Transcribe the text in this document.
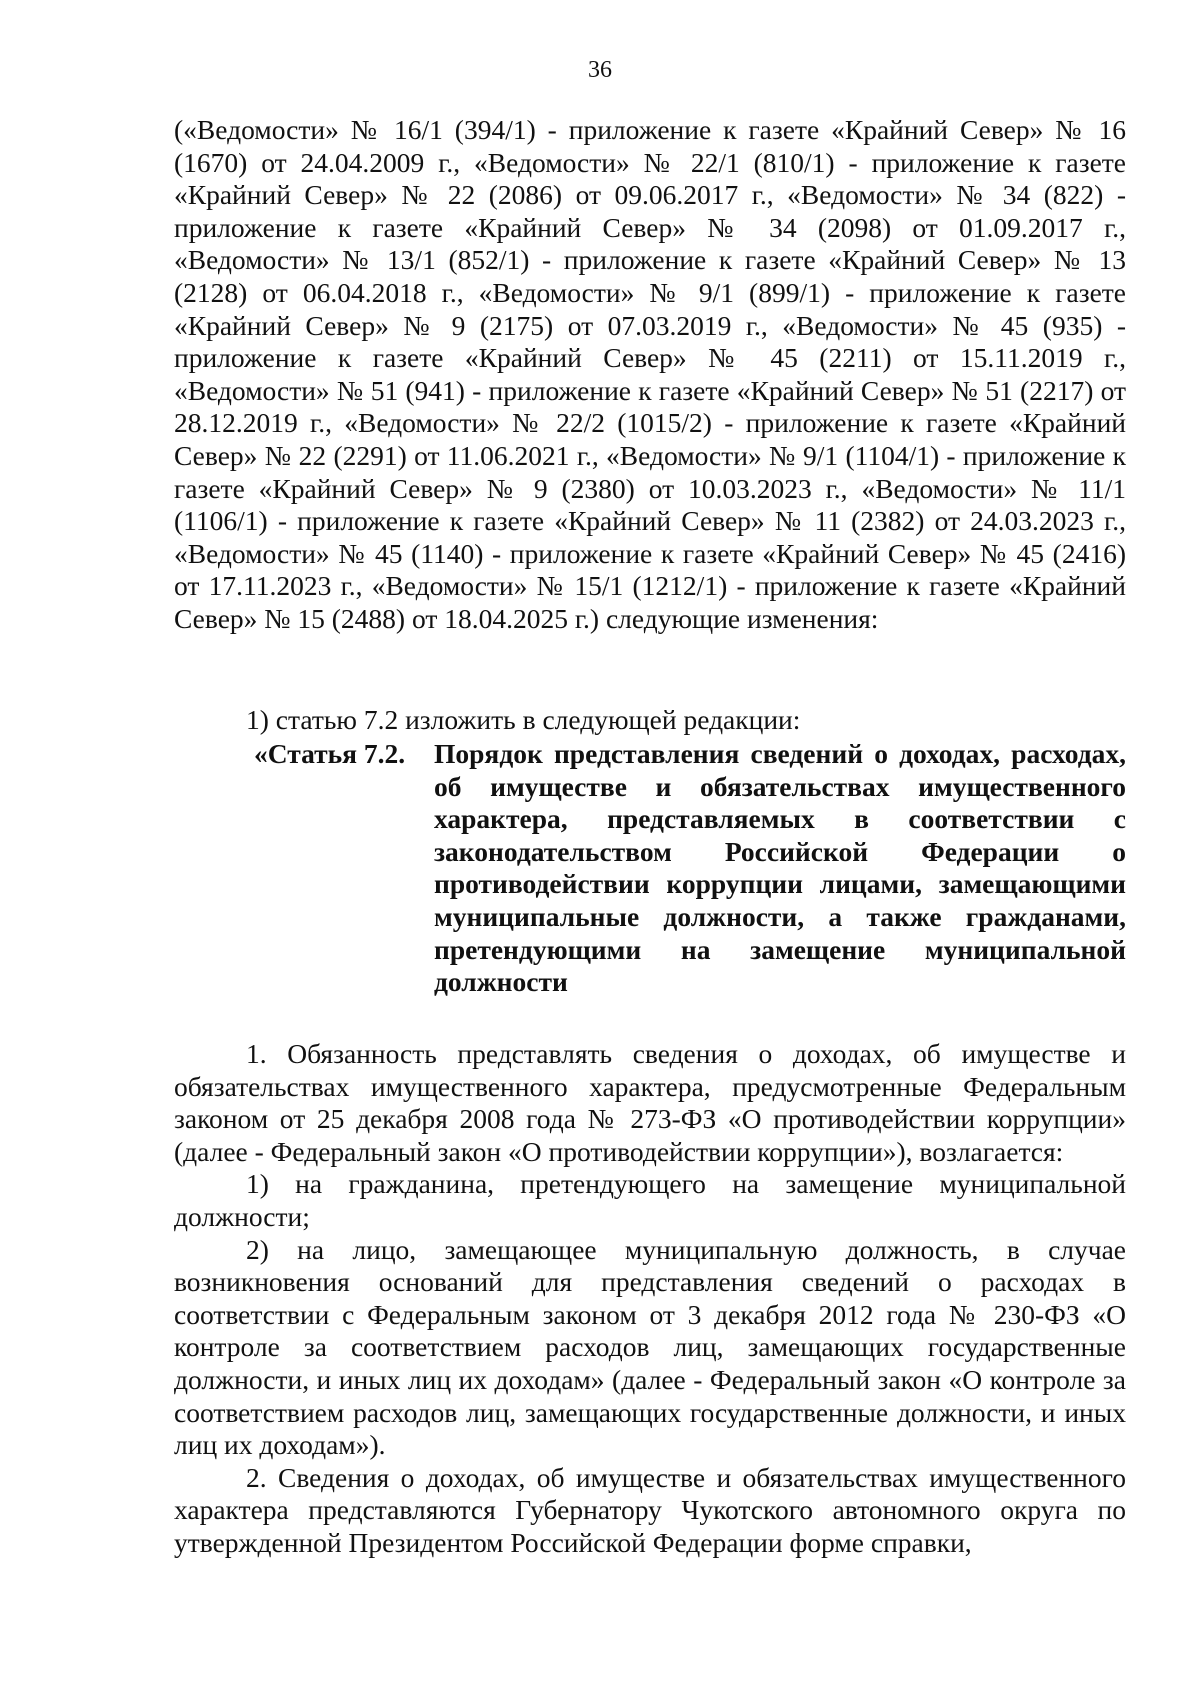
36

(«Ведомости» № 16/1 (394/1) - приложение к газете «Крайний Север» № 16 (1670) от 24.04.2009 г., «Ведомости» № 22/1 (810/1) - приложение к газете «Крайний Север» № 22 (2086) от 09.06.2017 г., «Ведомости» № 34 (822) - приложение к газете «Крайний Север» № 34 (2098) от 01.09.2017 г., «Ведомости» № 13/1 (852/1) - приложение к газете «Крайний Север» № 13 (2128) от 06.04.2018 г., «Ведомости» № 9/1 (899/1) - приложение к газете «Крайний Север» № 9 (2175) от 07.03.2019 г., «Ведомости» № 45 (935) - приложение к газете «Крайний Север» № 45 (2211) от 15.11.2019 г., «Ведомости» № 51 (941) - приложение к газете «Крайний Север» № 51 (2217) от 28.12.2019 г., «Ведомости» № 22/2 (1015/2) - приложение к газете «Крайний Север» № 22 (2291) от 11.06.2021 г., «Ведомости» № 9/1 (1104/1) - приложение к газете «Крайний Север» № 9 (2380) от 10.03.2023 г., «Ведомости» № 11/1 (1106/1) - приложение к газете «Крайний Север» № 11 (2382) от 24.03.2023 г., «Ведомости» № 45 (1140) - приложение к газете «Крайний Север» № 45 (2416) от 17.11.2023 г., «Ведомости» № 15/1 (1212/1) - приложение к газете «Крайний Север» № 15 (2488) от 18.04.2025 г.) следующие изменения:

1) статью 7.2 изложить в следующей редакции:
«Статья 7.2. Порядок представления сведений о доходах, расходах, об имуществе и обязательствах имущественного характера, представляемых в соответствии с законодательством Российской Федерации о противодействии коррупции лицами, замещающими муниципальные должности, а также гражданами, претендующими на замещение муниципальной должности

1. Обязанность представлять сведения о доходах, об имуществе и обязательствах имущественного характера, предусмотренные Федеральным законом от 25 декабря 2008 года № 273-ФЗ «О противодействии коррупции» (далее - Федеральный закон «О противодействии коррупции»), возлагается:

1) на гражданина, претендующего на замещение муниципальной должности;

2) на лицо, замещающее муниципальную должность, в случае возникновения оснований для представления сведений о расходах в соответствии с Федеральным законом от 3 декабря 2012 года № 230-ФЗ «О контроле за соответствием расходов лиц, замещающих государственные должности, и иных лиц их доходам» (далее - Федеральный закон «О контроле за соответствием расходов лиц, замещающих государственные должности, и иных лиц их доходам»).

2. Сведения о доходах, об имуществе и обязательствах имущественного характера представляются Губернатору Чукотского автономного округа по утвержденной Президентом Российской Федерации форме справки,
